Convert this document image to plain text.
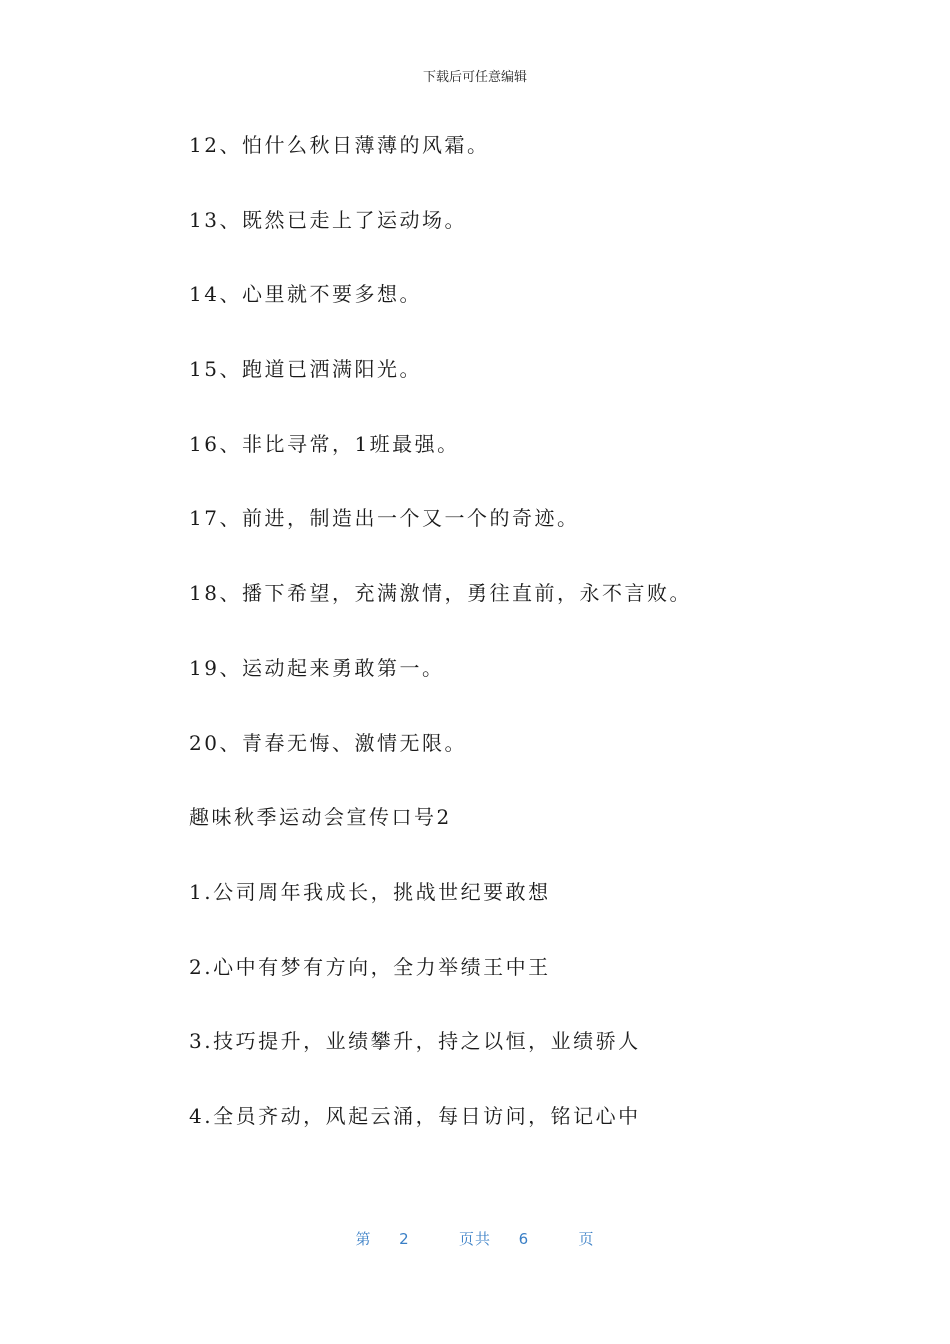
下载后可任意编辑
12、怕什么秋日薄薄的风霜。
13、既然已走上了运动场。
14、心里就不要多想。
15、跑道已洒满阳光。
16、非比寻常，1班最强。
17、前进，制造出一个又一个的奇迹。
18、播下希望，充满激情，勇往直前，永不言败。
19、运动起来勇敢第一。
20、青春无悔、激情无限。
趣味秋季运动会宣传口号2
1.公司周年我成长，挑战世纪要敢想
2.心中有梦有方向，全力举绩王中王
3.技巧提升，业绩攀升，持之以恒，业绩骄人
4.全员齐动，风起云涌，每日访问，铭记心中
第 2	页共 6	页
